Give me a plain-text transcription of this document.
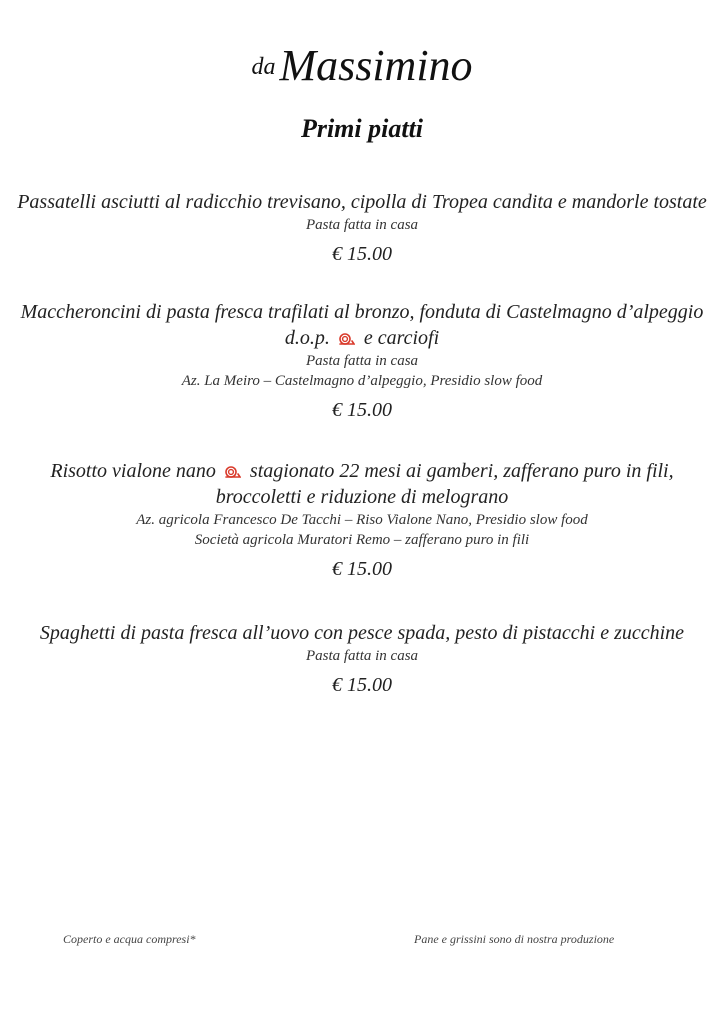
daMassimino
Primi piatti
Passatelli asciutti al radicchio trevisano, cipolla di Tropea candita e mandorle tostate
Pasta fatta in casa
€ 15.00
Maccheroncini di pasta fresca trafilati al bronzo, fonduta di Castelmagno d’alpeggio
d.o.p. e carciofi
Pasta fatta in casa
Az. La Meiro – Castelmagno d’alpeggio, Presidio slow food
€ 15.00
Risotto vialone nano stagionato 22 mesi ai gamberi, zafferano puro in fili,
broccoletti e riduzione di melograno
Az. agricola Francesco De Tacchi – Riso Vialone Nano, Presidio slow food
Società agricola Muratori Remo – zafferano puro in fili
€ 15.00
Spaghetti di pasta fresca all’uovo con pesce spada, pesto di pistacchi e zucchine
Pasta fatta in casa
€ 15.00
Coperto e acqua compresi*	Pane e grissini sono di nostra produzione
